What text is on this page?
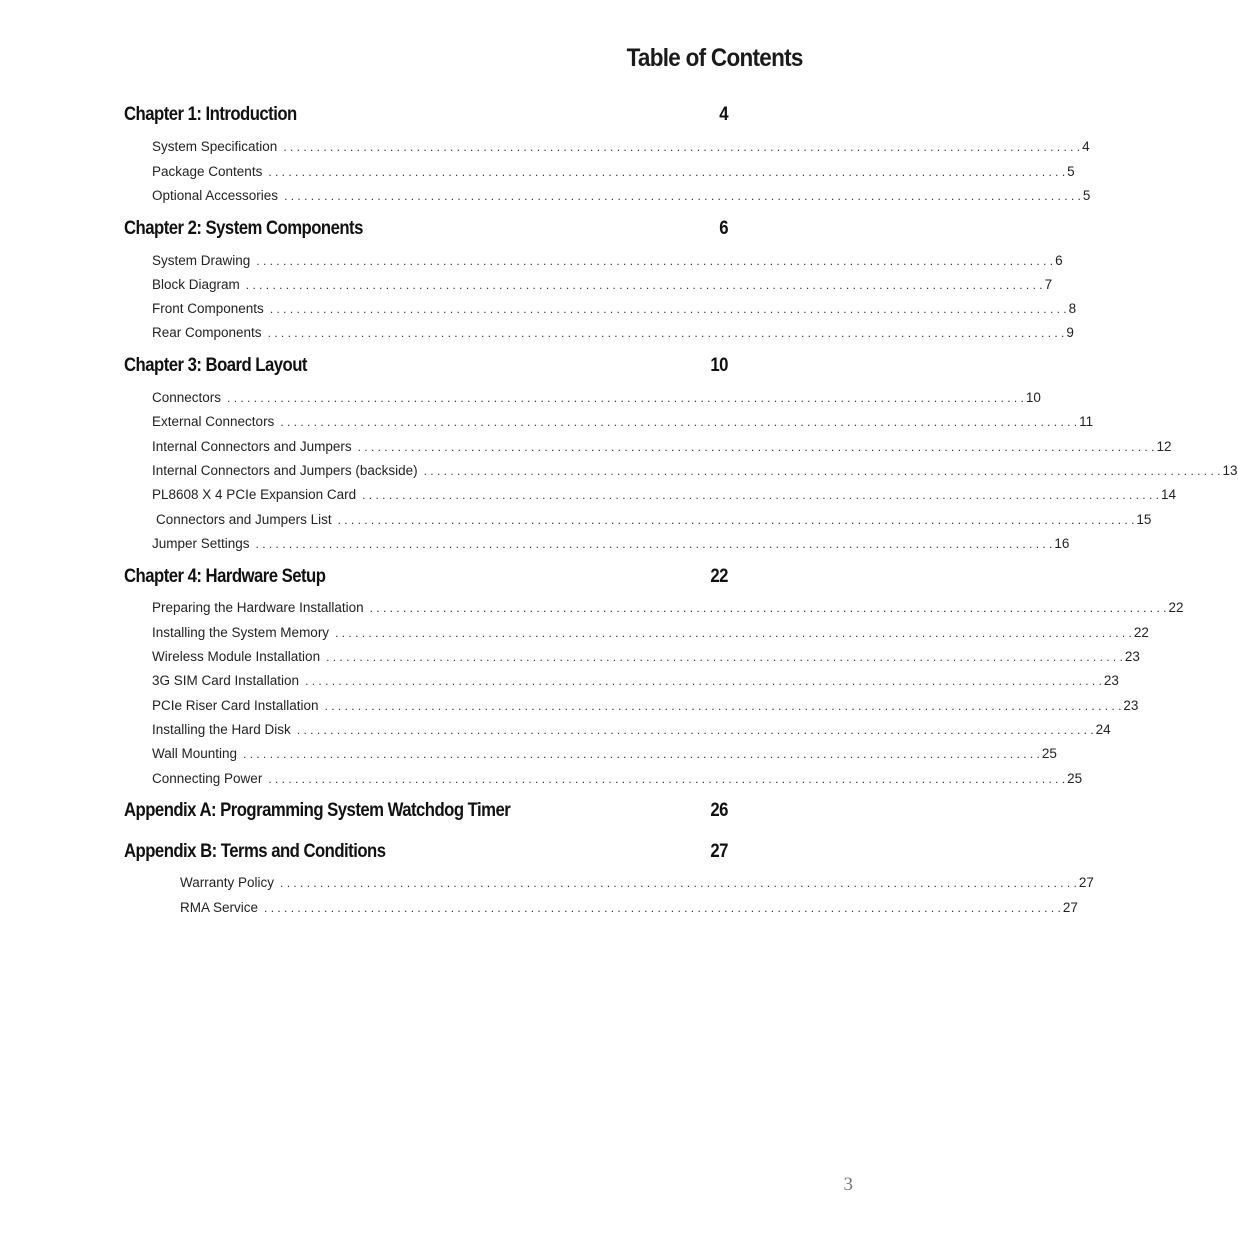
Table of Contents
Chapter 1: Introduction	4
System Specification . . . . . . . . . . . . . . . . . . . . . . . . . . . . . . . . . . . . . . . . . . . . . . . . . . . . . . . . . . . . . . . . . . . . . . . . . . . . . . . . . . . . . . . . . . . . . . . . . . . . . . . . . . . . . . . . . . . . . . . . 4
Package Contents . . . . . . . . . . . . . . . . . . . . . . . . . . . . . . . . . . . . . . . . . . . . . . . . . . . . . . . . . . . . . . . . . . . . . . . . . . . . . . . . . . . . . . . . . . . . . . . . . . . . . . . . . . . . . . . . . . . . . . . . 5
Optional Accessories . . . . . . . . . . . . . . . . . . . . . . . . . . . . . . . . . . . . . . . . . . . . . . . . . . . . . . . . . . . . . . . . . . . . . . . . . . . . . . . . . . . . . . . . . . . . . . . . . . . . . . . . . . . . . . . . . . . . . . . . 5
Chapter 2: System Components	6
System Drawing . . . . . . . . . . . . . . . . . . . . . . . . . . . . . . . . . . . . . . . . . . . . . . . . . . . . . . . . . . . . . . . . . . . . . . . . . . . . . . . . . . . . . . . . . . . . . . . . . . . . . . . . . . . . . . . . . . . . . . . . 6
Block Diagram . . . . . . . . . . . . . . . . . . . . . . . . . . . . . . . . . . . . . . . . . . . . . . . . . . . . . . . . . . . . . . . . . . . . . . . . . . . . . . . . . . . . . . . . . . . . . . . . . . . . . . . . . . . . . . . . . . . . . . . . 7
Front Components . . . . . . . . . . . . . . . . . . . . . . . . . . . . . . . . . . . . . . . . . . . . . . . . . . . . . . . . . . . . . . . . . . . . . . . . . . . . . . . . . . . . . . . . . . . . . . . . . . . . . . . . . . . . . . . . . . . . . . . . 8
Rear Components . . . . . . . . . . . . . . . . . . . . . . . . . . . . . . . . . . . . . . . . . . . . . . . . . . . . . . . . . . . . . . . . . . . . . . . . . . . . . . . . . . . . . . . . . . . . . . . . . . . . . . . . . . . . . . . . . . . . . . . . 9
Chapter 3: Board Layout	10
Connectors . . . . . . . . . . . . . . . . . . . . . . . . . . . . . . . . . . . . . . . . . . . . . . . . . . . . . . . . . . . . . . . . . . . . . . . . . . . . . . . . . . . . . . . . . . . . . . . . . . . . . . . . . . . . . . . . . . . . . . . . 10
External Connectors . . . . . . . . . . . . . . . . . . . . . . . . . . . . . . . . . . . . . . . . . . . . . . . . . . . . . . . . . . . . . . . . . . . . . . . . . . . . . . . . . . . . . . . . . . . . . . . . . . . . . . . . . . . . . . . . . . . . . . . . 11
Internal Connectors and Jumpers . . . . . . . . . . . . . . . . . . . . . . . . . . . . . . . . . . . . . . . . . . . . . . . . . . . . . . . . . . . . . . . . . . . . . . . . . . . . . . . . . . . . . . . . . . . . . . . . . . . . . . . . . . . . . . . . . . . . . . . . 12
Internal Connectors and Jumpers (backside) . . . . . . . . . . . . . . . . . . . . . . . . . . . . . . . . . . . . . . . . . . . . . . . . . . . . . . . . . . . . . . . . . . . . . . . . . . . . . . . . . . . . . . . . . . . . . . . . . . . . . . . . . . . . . . . . . . . . . . . . 13
PL8608 X 4 PCIe Expansion Card . . . . . . . . . . . . . . . . . . . . . . . . . . . . . . . . . . . . . . . . . . . . . . . . . . . . . . . . . . . . . . . . . . . . . . . . . . . . . . . . . . . . . . . . . . . . . . . . . . . . . . . . . . . . . . . . . . . . . . . . 14
Connectors and Jumpers List . . . . . . . . . . . . . . . . . . . . . . . . . . . . . . . . . . . . . . . . . . . . . . . . . . . . . . . . . . . . . . . . . . . . . . . . . . . . . . . . . . . . . . . . . . . . . . . . . . . . . . . . . . . . . . . . . . . . . . . . 15
Jumper Settings . . . . . . . . . . . . . . . . . . . . . . . . . . . . . . . . . . . . . . . . . . . . . . . . . . . . . . . . . . . . . . . . . . . . . . . . . . . . . . . . . . . . . . . . . . . . . . . . . . . . . . . . . . . . . . . . . . . . . . . . 16
Chapter 4: Hardware Setup	22
Preparing the Hardware Installation . . . . . . . . . . . . . . . . . . . . . . . . . . . . . . . . . . . . . . . . . . . . . . . . . . . . . . . . . . . . . . . . . . . . . . . . . . . . . . . . . . . . . . . . . . . . . . . . . . . . . . . . . . . . . . . . . . . . . . . . 22
Installing the System Memory . . . . . . . . . . . . . . . . . . . . . . . . . . . . . . . . . . . . . . . . . . . . . . . . . . . . . . . . . . . . . . . . . . . . . . . . . . . . . . . . . . . . . . . . . . . . . . . . . . . . . . . . . . . . . . . . . . . . . . . . 22
Wireless Module Installation . . . . . . . . . . . . . . . . . . . . . . . . . . . . . . . . . . . . . . . . . . . . . . . . . . . . . . . . . . . . . . . . . . . . . . . . . . . . . . . . . . . . . . . . . . . . . . . . . . . . . . . . . . . . . . . . . . . . . . . . 23
3G SIM Card Installation . . . . . . . . . . . . . . . . . . . . . . . . . . . . . . . . . . . . . . . . . . . . . . . . . . . . . . . . . . . . . . . . . . . . . . . . . . . . . . . . . . . . . . . . . . . . . . . . . . . . . . . . . . . . . . . . . . . . . . . . 23
PCIe Riser Card Installation . . . . . . . . . . . . . . . . . . . . . . . . . . . . . . . . . . . . . . . . . . . . . . . . . . . . . . . . . . . . . . . . . . . . . . . . . . . . . . . . . . . . . . . . . . . . . . . . . . . . . . . . . . . . . . . . . . . . . . . . 23
Installing the Hard Disk . . . . . . . . . . . . . . . . . . . . . . . . . . . . . . . . . . . . . . . . . . . . . . . . . . . . . . . . . . . . . . . . . . . . . . . . . . . . . . . . . . . . . . . . . . . . . . . . . . . . . . . . . . . . . . . . . . . . . . . . 24
Wall Mounting . . . . . . . . . . . . . . . . . . . . . . . . . . . . . . . . . . . . . . . . . . . . . . . . . . . . . . . . . . . . . . . . . . . . . . . . . . . . . . . . . . . . . . . . . . . . . . . . . . . . . . . . . . . . . . . . . . . . . . . . 25
Connecting Power . . . . . . . . . . . . . . . . . . . . . . . . . . . . . . . . . . . . . . . . . . . . . . . . . . . . . . . . . . . . . . . . . . . . . . . . . . . . . . . . . . . . . . . . . . . . . . . . . . . . . . . . . . . . . . . . . . . . . . . . 25
Appendix A: Programming System Watchdog Timer	26
Appendix B: Terms and Conditions	27
Warranty Policy . . . . . . . . . . . . . . . . . . . . . . . . . . . . . . . . . . . . . . . . . . . . . . . . . . . . . . . . . . . . . . . . . . . . . . . . . . . . . . . . . . . . . . . . . . . . . . . . . . . . . . . . . . . . . . . . . . . . . . . . 27
RMA Service . . . . . . . . . . . . . . . . . . . . . . . . . . . . . . . . . . . . . . . . . . . . . . . . . . . . . . . . . . . . . . . . . . . . . . . . . . . . . . . . . . . . . . . . . . . . . . . . . . . . . . . . . . . . . . . . . . . . . . . . 27
3
